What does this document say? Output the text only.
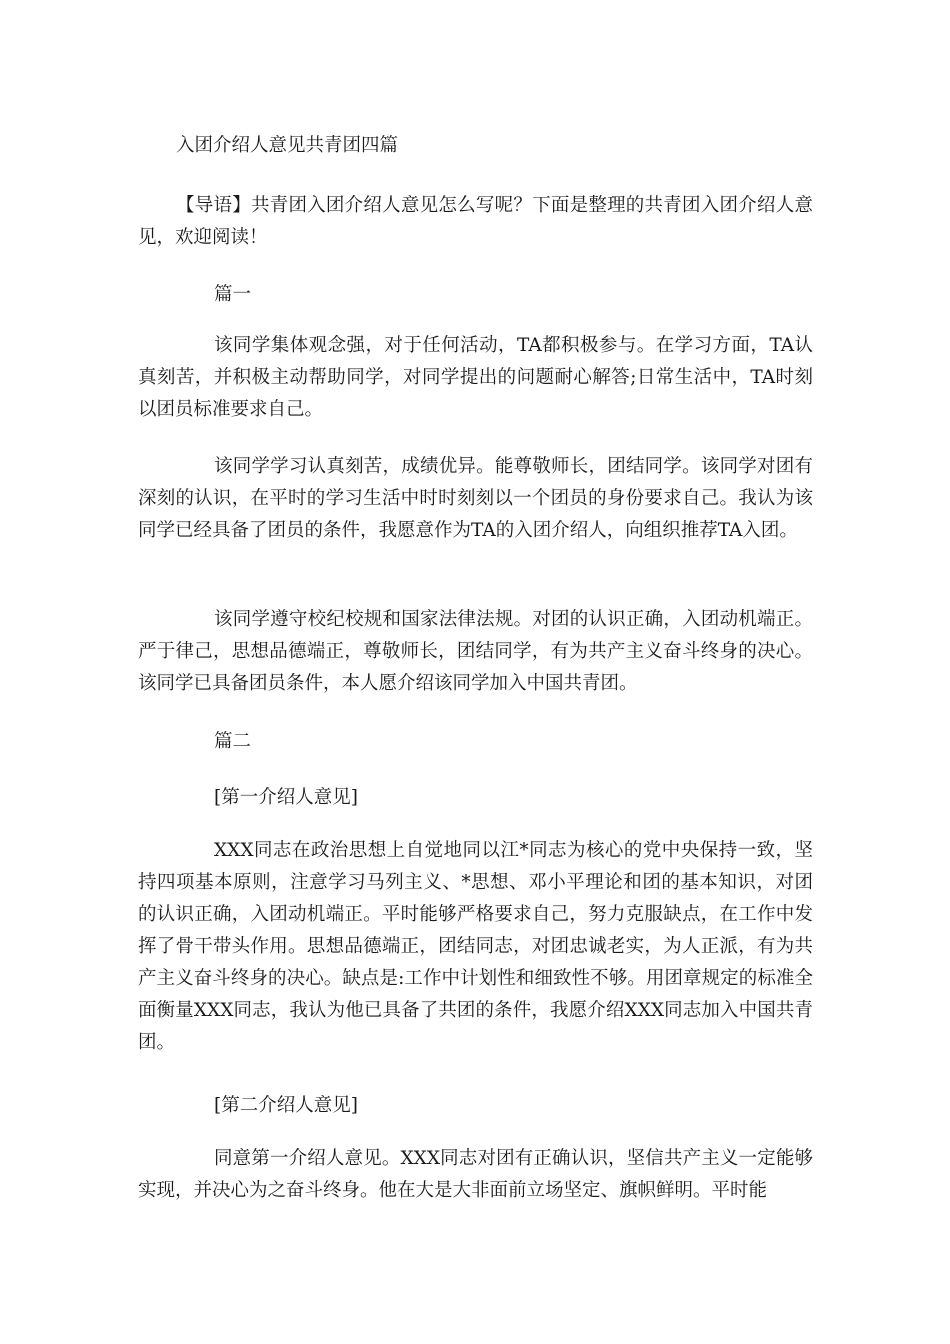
入团介绍人意见共青团四篇

【导语】共青团入团介绍人意见怎么写呢？下面是整理的共青团入团介绍人意见，欢迎阅读！

篇一

该同学集体观念强，对于任何活动，TA都积极参与。在学习方面，TA认真刻苦，并积极主动帮助同学，对同学提出的问题耐心解答;日常生活中，TA时刻以团员标准要求自己。

该同学学习认真刻苦，成绩优异。能尊敬师长，团结同学。该同学对团有深刻的认识，在平时的学习生活中时时刻刻以一个团员的身份要求自己。我认为该同学已经具备了团员的条件，我愿意作为TA的入团介绍人，向组织推荐TA入团。

该同学遵守校纪校规和国家法律法规。对团的认识正确，入团动机端正。严于律己，思想品德端正，尊敬师长，团结同学，有为共产主义奋斗终身的决心。该同学已具备团员条件，本人愿介绍该同学加入中国共青团。

篇二
[第一介绍人意见]

XXX同志在政治思想上自觉地同以江*同志为核心的党中央保持一致，坚持四项基本原则，注意学习马列主义、*思想、邓小平理论和团的基本知识，对团的认识正确，入团动机端正。平时能够严格要求自己，努力克服缺点，在工作中发挥了骨干带头作用。思想品德端正，团结同志，对团忠诚老实，为人正派，有为共产主义奋斗终身的决心。缺点是:工作中计划性和细致性不够。用团章规定的标准全面衡量XXX同志，我认为他已具备了共团的条件，我愿介绍XXX同志加入中国共青团。

[第二介绍人意见]

同意第一介绍人意见。XXX同志对团有正确认识，坚信共产主义一定能够实现，并决心为之奋斗终身。他在大是大非面前立场坚定、旗帜鲜明。平时能
